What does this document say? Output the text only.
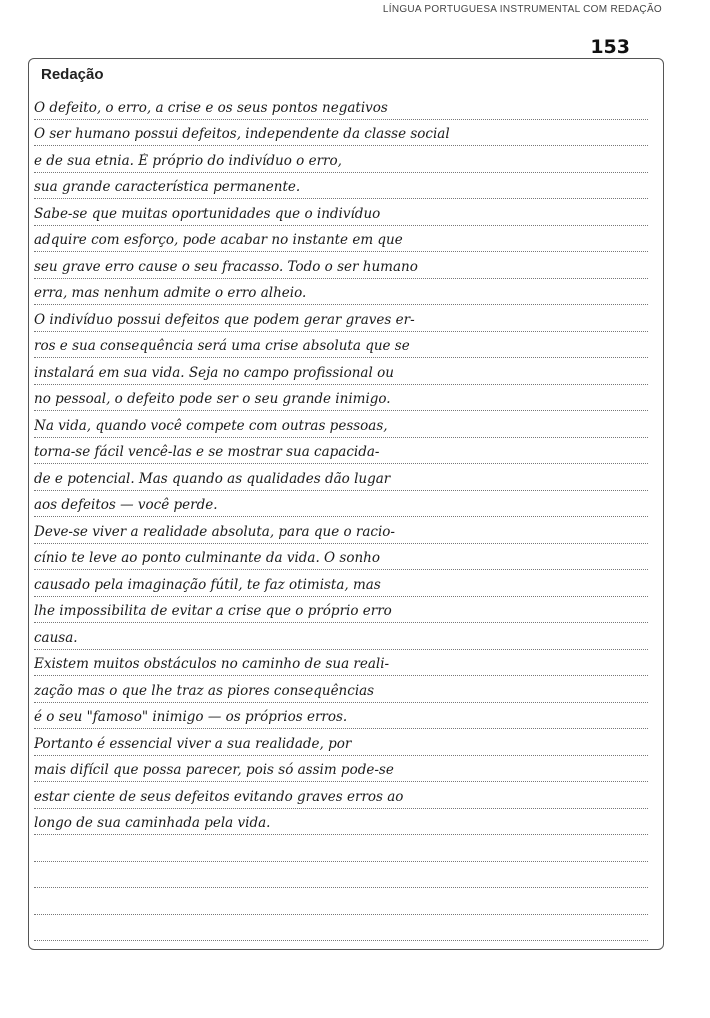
LÍNGUA PORTUGUESA INSTRUMENTAL COM REDAÇÃO
153
Redação
O defeito, o erro, a crise e os seus pontos negativos
O ser humano possui defeitos, independente da classe social
e de sua etnia. É próprio do indivíduo o erro,
sua grande característica permanente.
Sabe-se que muitas oportunidades que o indivíduo
adquire com esforço, pode acabar no instante em que
seu grave erro cause o seu fracasso. Todo o ser humano
erra, mas nenhum admite o erro alheio.
O indivíduo possui defeitos que podem gerar graves er-
ros e sua consequência será uma crise absoluta que se
instalará em sua vida. Seja no campo profissional ou
no pessoal, o defeito pode ser o seu grande inimigo.
Na vida, quando você compete com outras pessoas,
torna-se fácil vencê-las e se mostrar sua capacida-
de e potencial. Mas quando as qualidades dão lugar
aos defeitos — você perde.
Deve-se viver a realidade absoluta, para que o racio-
cínio te leve ao ponto culminante da vida. O sonho
causado pela imaginação fútil, te faz otimista, mas
lhe impossibilita de evitar a crise que o próprio erro
causa.
Existem muitos obstáculos no caminho de sua reali-
zação mas o que lhe traz as piores consequências
é o seu "famoso" inimigo — os próprios erros.
Portanto é essencial viver a sua realidade, por
mais difícil que possa parecer, pois só assim pode-se
estar ciente de seus defeitos evitando graves erros ao
longo de sua caminhada pela vida.
